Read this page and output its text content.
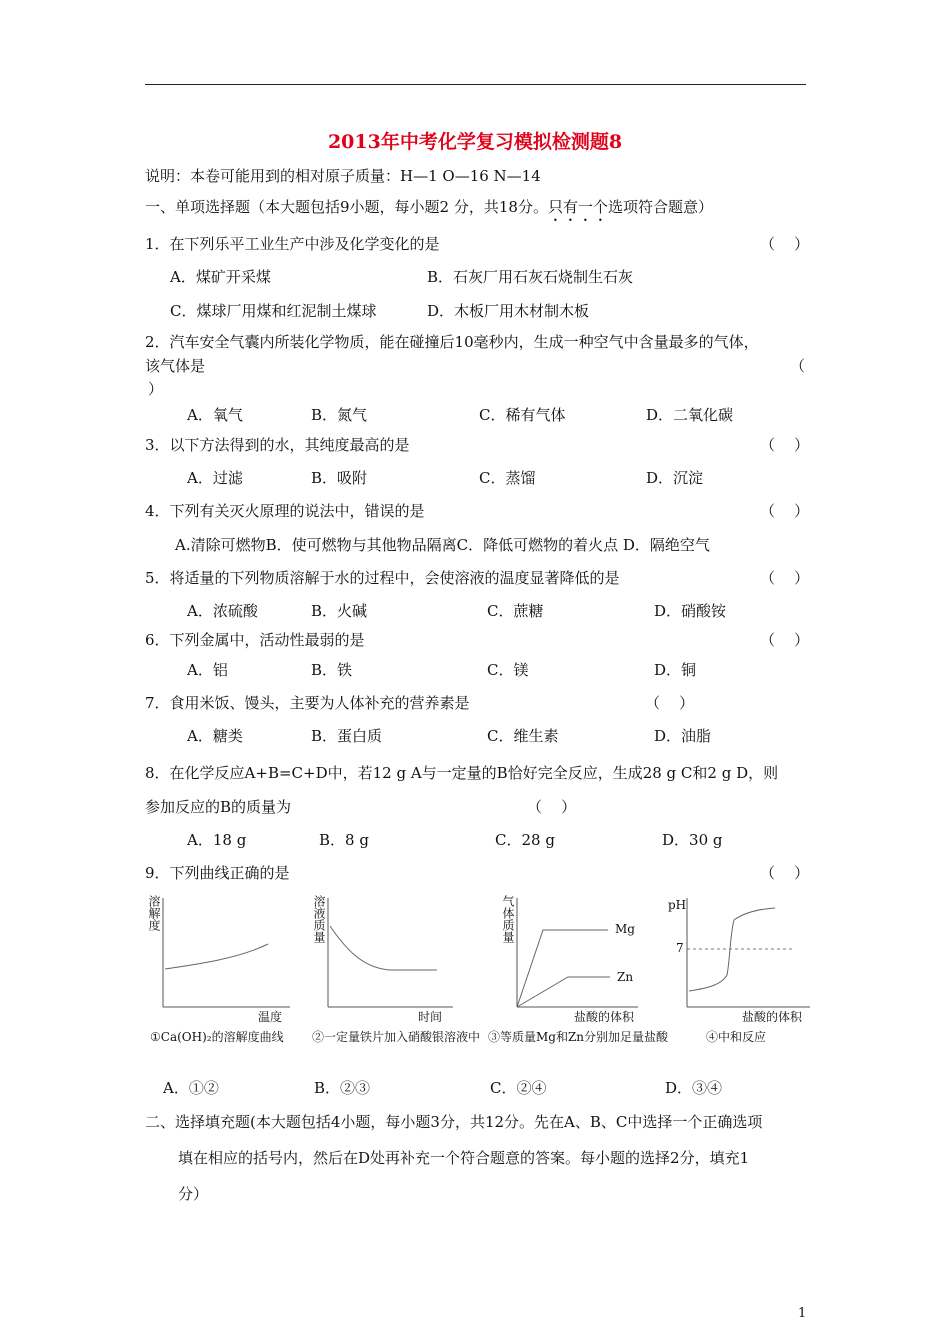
2013年中考化学复习模拟检测题8
说明：本卷可能用到的相对原子质量：H—1 O—16 N—14
一、单项选择题（本大题包括9小题，每小题2 分，共18分。只有一个选项符合题意）
1．在下列乐平工业生产中涉及化学变化的是	（    ）
A．煤矿开采煤	B．石灰厂用石灰石烧制生石灰
C．煤球厂用煤和红泥制土煤球	D．木板厂用木材制木板
2．汽车安全气囊内所装化学物质，能在碰撞后10毫秒内，生成一种空气中含量最多的气体，
该气体是	（
）
A．氧气	B．氮气	C．稀有气体	D．二氧化碳
3．以下方法得到的水，其纯度最高的是	（    ）
A．过滤	B．吸附	C．蒸馏	D．沉淀
4．下列有关灭火原理的说法中，错误的是	（    ）
A.清除可燃物B．使可燃物与其他物品隔离C．降低可燃物的着火点 D．隔绝空气
5．将适量的下列物质溶解于水的过程中，会使溶液的温度显著降低的是	（    ）
A．浓硫酸	B．火碱	C．蔗糖	D．硝酸铵
6．下列金属中，活动性最弱的是	（    ）
A．铝	B．铁	C．镁	D．铜
7．食用米饭、馒头，主要为人体补充的营养素是	（    ）
A．糖类	B．蛋白质	C．维生素	D．油脂
8．在化学反应A+B=C+D中，若12 g A与一定量的B恰好完全反应，生成28 g C和2 g D，则
参加反应的B的质量为	（    ）
A．18 g	B．8 g	C．28 g	D．30 g
9．下列曲线正确的是	（    ）
溶解度
温度
①Ca(OH)₂的溶解度曲线
溶液质量
时间
②一定量铁片加入硝酸银溶液中
气体质量
盐酸的体积
Mg
Zn
③等质量Mg和Zn分别加足量盐酸
pH
7
盐酸的体积
④中和反应
A．①②	B．②③	C．②④	D．③④
二、选择填充题(本大题包括4小题，每小题3分，共12分。先在A、B、C中选择一个正确选项
填在相应的括号内，然后在D处再补充一个符合题意的答案。每小题的选择2分，填充1
分）
1
